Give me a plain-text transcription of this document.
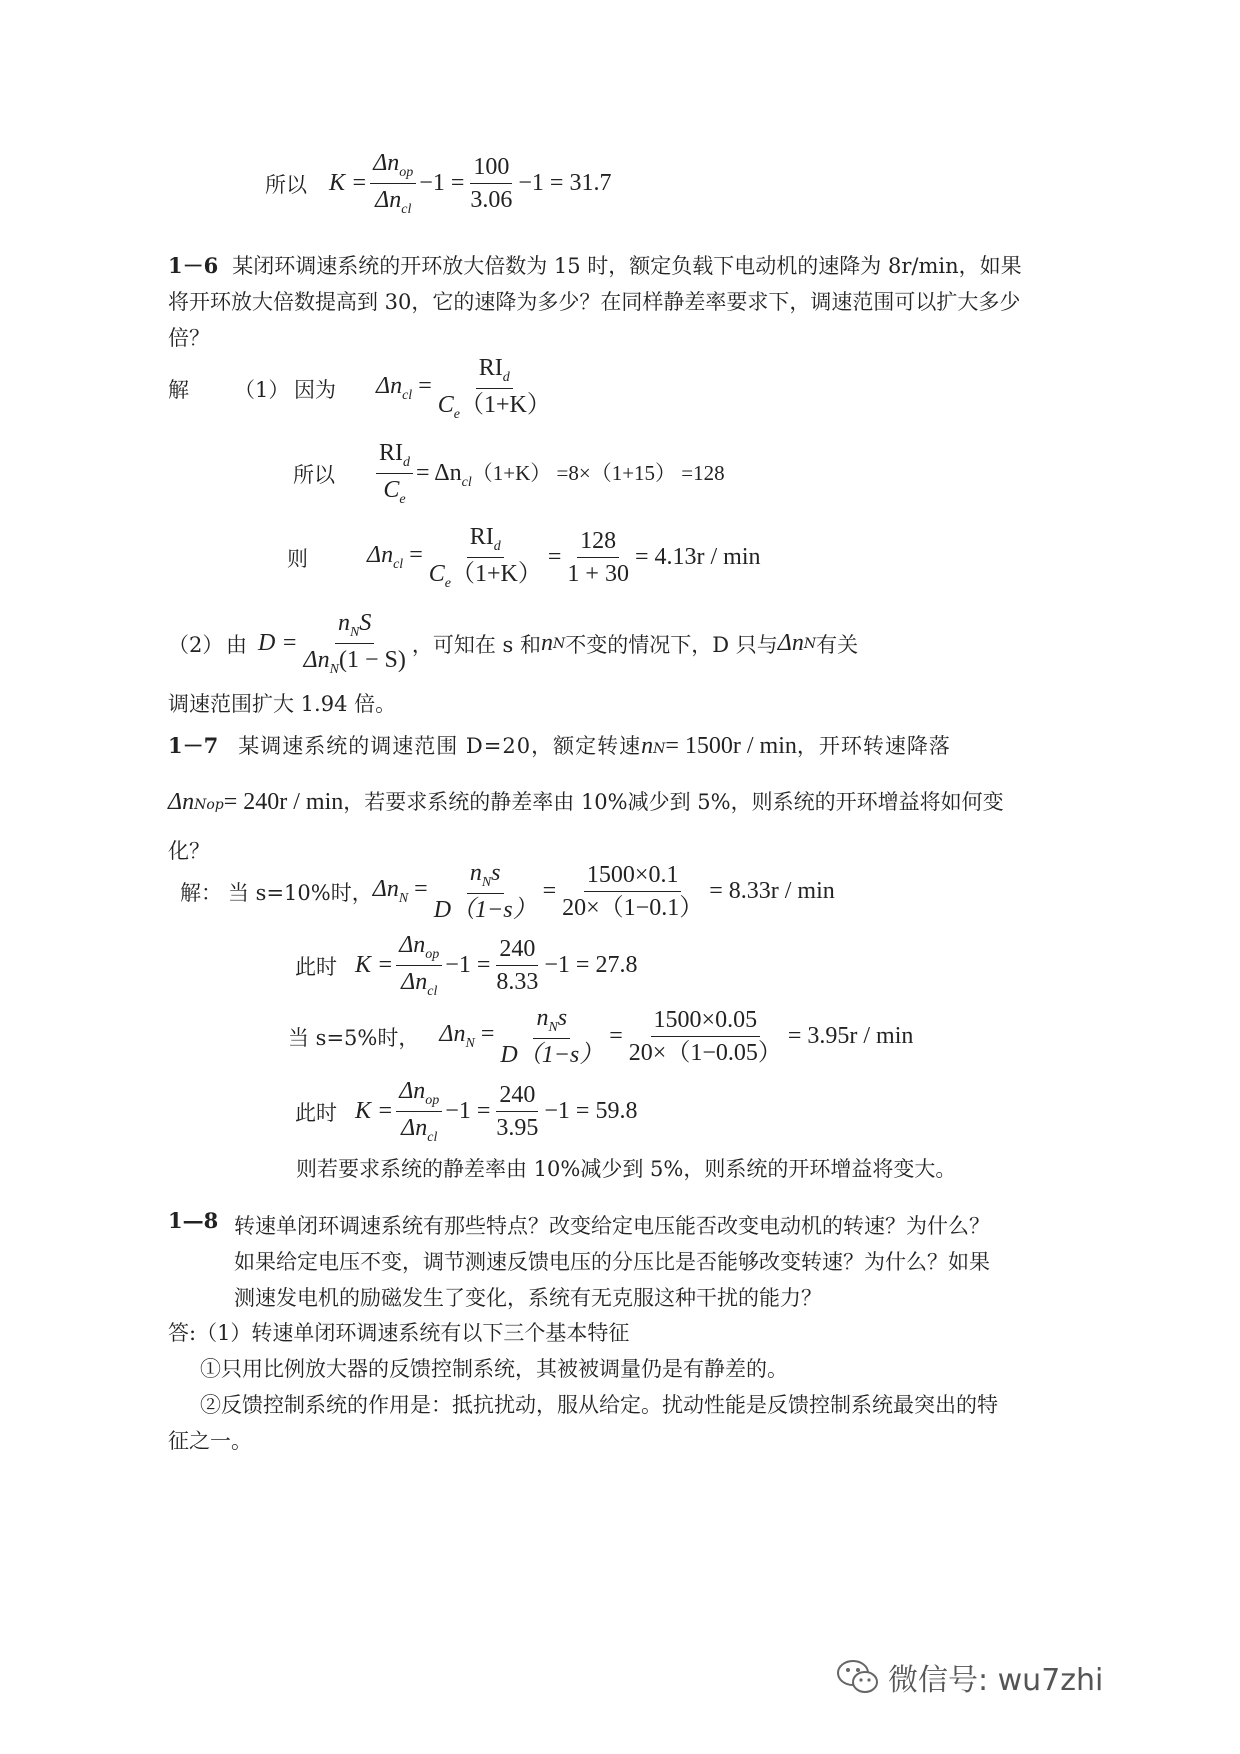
所以 $K = \frac{\Delta n_{op}}{\Delta n_{cl}} -1 = \frac{100}{3.06} -1 = 31.7$
1－6 某闭环调速系统的开环放大倍数为 15 时，额定负载下电动机的速降为 8r/min，如果将开环放大倍数提高到 30，它的速降为多少？在同样静差率要求下，调速范围可以扩大多少倍？
解	（1） 因为	$\Delta n_{cl} = \frac{RI_d}{C_e(1+K)}$
所以	$\frac{RI_d}{C_e} = \Delta n_{cl}(1+K) =8\times(1+15) =128$
则	$\Delta n_{cl} = \frac{RI_d}{C_e(1+K)} = \frac{128}{1 + 30} = 4.13r / \min$
（2） 由 $D = \frac{n_NS}{\Delta n_N(1 - S)}$ ，可知在 s 和 n N 不变的情况下，D 只与 Δn N 有关
调速范围扩大 1.94 倍。
1－7 某调速系统的调速范围 D=20，额定转速 n N = 1500r / min ，开环转速降落
Δn Nop = 240r / min ，若要求系统的静差率由 10%减少到 5%，则系统的开环增益将如何变
化？
解： 当 s=10%时， $\Delta n_N = \frac{n_Ns}{D(1-s)} = \frac{1500\times 0.1}{20\times(1-0.1)} = 8.33r / \min$
此时 $K = \frac{\Delta n_{op}}{\Delta n_{cl}} -1 = \frac{240}{8.33} -1 = 27.8$
当 s=5%时， $\Delta n_N = \frac{n_Ns}{D(1-s)} = \frac{1500\times 0.05}{20\times(1-0.05)} = 3.95r / \min$
此时 $K = \frac{\Delta n_{op}}{\Delta n_{cl}} -1 = \frac{240}{3.95} -1 = 59.8$
则若要求系统的静差率由 10%减少到 5%，则系统的开环增益将变大。
1—8 转速单闭环调速系统有那些特点？改变给定电压能否改变电动机的转速？为什么？
如果给定电压不变，调节测速反馈电压的分压比是否能够改变转速？为什么？如果
测速发电机的励磁发生了变化，系统有无克服这种干扰的能力？
答:（1）转速单闭环调速系统有以下三个基本特征
①只用比例放大器的反馈控制系统，其被被调量仍是有静差的。
②反馈控制系统的作用是：抵抗扰动，服从给定。扰动性能是反馈控制系统最突出的特
征之一。
微信号: wu7zhi
